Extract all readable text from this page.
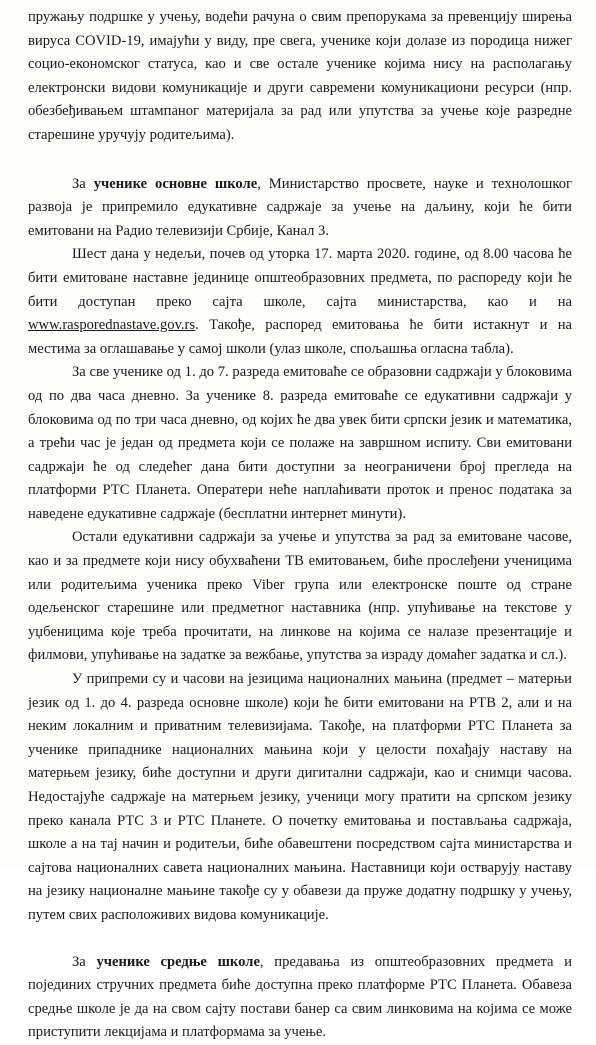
пружању подршке у учењу, водећи рачуна о свим препорукама за превенцију ширења вируса COVID-19, имајући у виду, пре свега, ученике који долазе из породица нижег социо-економског статуса, као и све остале ученике којима нису на располагању електронски видови комуникације и други савремени комуникациони ресурси (нпр. обезбеђивањем штампаног материјала за рад или упутства за учење које разредне старешине уручују родитељима).

За ученике основне школе, Министарство просвете, науке и технолошког развоја је припремило едукативне садржаје за учење на даљину, који ће бити емитовани на Радио телевизији Србије, Канал 3.

Шест дана у недељи, почев од уторка 17. марта 2020. године, од 8.00 часова ће бити емитоване наставне јединице општеобразовних предмета, по распореду који ће бити доступан преко сајта школе, сајта министарства, као и на www.rasporednastave.gov.rs. Такође, распоред емитовања ће бити истакнут и на местима за оглашавање у самој школи (улаз школе, спољашња огласна табла).

За све ученике од 1. до 7. разреда емитоваће се образовни садржаји у блоковима од по два часа дневно. За ученике 8. разреда емитоваће се едукативни садржаји у блоковима од по три часа дневно, од којих ће два увек бити српски језик и математика, а трећи час је један од предмета који се полаже на завршном испиту. Сви емитовани садржаји ће од следећег дана бити доступни за неограничени број прегледа на платформи РТС Планета. Оператери неће наплаћивати проток и пренос података за наведене едукативне садржаје (бесплатни интернет минути).

Остали едукативни садржаји за учење и упутства за рад за емитоване часове, као и за предмете који нису обухваћени ТВ емитовањем, биће прослеђени ученицима или родитељима ученика преко Viber група или електронске поште од стране одељенског старешине или предметног наставника (нпр. упућивање на текстове у уџбеницима које треба прочитати, на линкове на којима се налазе презентације и филмови, упућивање на задатке за вежбање, упутства за израду домаћег задатка и сл.).

У припреми су и часови на језицима националних мањина (предмет – матерњи језик од 1. до 4. разреда основне школе) који ће бити емитовани на РТВ 2, али и на неким локалним и приватним телевизијама. Такође, на платформи РТС Планета за ученике припаднике националних мањина који у целости похађају наставу на матерњем језику, биће доступни и други дигитални садржаји, као и снимци часова. Недостајуће садржаје на матерњем језику, ученици могу пратити на српском језику преко канала РТС 3 и РТС Планете. О почетку емитовања и постављања садржаја, школе а на тај начин и родитељи, биће обавештени посредством сајта министарства и сајтова националних савета националних мањина. Наставници који остварују наставу на језику националне мањине такође су у обавези да пруже додатну подршку у учењу, путем свих расположивих видова комуникације.

За ученике средње школе, предавања из општеобразовних предмета и појединих стручних предмета биће доступна преко платформе РТС Планета. Обавеза средње школе је да на свом сајту постави банер са свим линковима на којима се може приступити лекцијама и платформама за учење.
